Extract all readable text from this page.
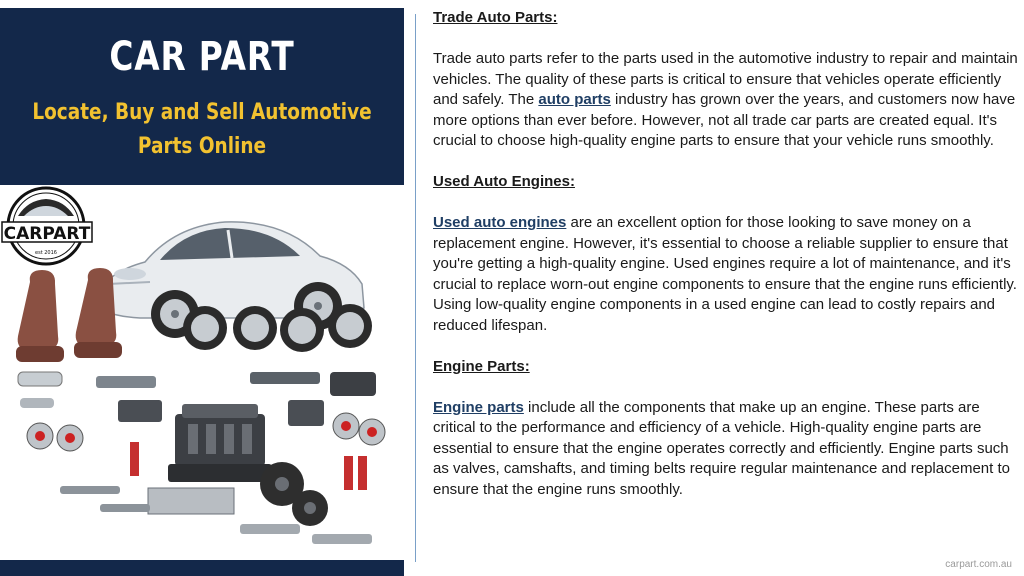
CAR PART
Locate, Buy and Sell Automotive
Parts Online
CARPART
est 2016
Trade Auto Parts:

Trade auto parts refer to the parts used in the automotive industry to repair and maintain vehicles. The quality of these parts is critical to ensure that vehicles operate efficiently and safely. The auto parts industry has grown over the years, and customers now have more options than ever before. However, not all trade car parts are created equal. It's crucial to choose high-quality engine parts to ensure that your vehicle runs smoothly.

Used Auto Engines:

Used auto engines are an excellent option for those looking to save money on a replacement engine. However, it's essential to choose a reliable supplier to ensure that you're getting a high-quality engine. Used engines require a lot of maintenance, and it's crucial to replace worn-out engine components to ensure that the engine runs efficiently. Using low-quality engine components in a used engine can lead to costly repairs and reduced lifespan.

Engine Parts:

Engine parts include all the components that make up an engine. These parts are critical to the performance and efficiency of a vehicle. High-quality engine parts are essential to ensure that the engine operates correctly and efficiently. Engine parts such as valves, camshafts, and timing belts require regular maintenance and replacement to ensure that the engine runs smoothly.

carpart.com.au
